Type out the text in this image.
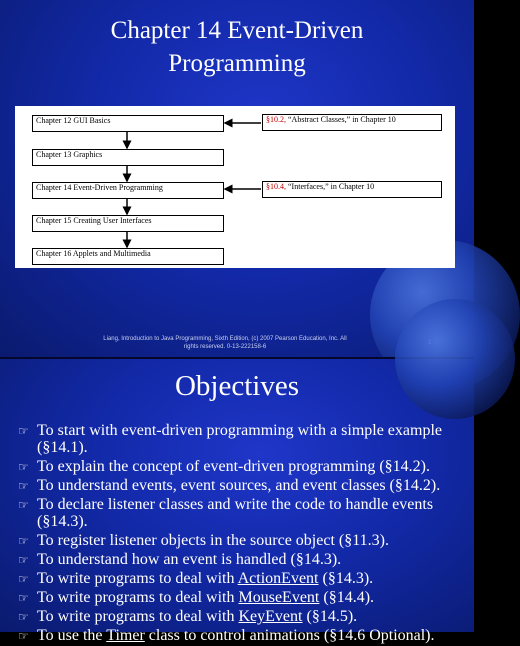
Chapter 14 Event-Driven
Programming
Chapter 12 GUI Basics
Chapter 13 Graphics
Chapter 14 Event-Driven Programming
Chapter 15 Creating User Interfaces
Chapter 16 Applets and Multimedia
§10.2, “Abstract Classes,” in Chapter 10
§10.4, “Interfaces,” in Chapter 10
Liang, Introduction to Java Programming, Sixth Edition, (c) 2007 Pearson Education, Inc. All
rights reserved. 0-13-222158-6
Objectives
☞ To start with event-driven programming with a simple example (§14.1).
☞ To explain the concept of event-driven programming (§14.2).
☞ To understand events, event sources, and event classes (§14.2).
☞ To declare listener classes and write the code to handle events (§14.3).
☞ To register listener objects in the source object (§11.3).
☞ To understand how an event is handled (§14.3).
☞ To write programs to deal with ActionEvent (§14.3).
☞ To write programs to deal with MouseEvent (§14.4).
☞ To write programs to deal with KeyEvent (§14.5).
☞ To use the Timer class to control animations (§14.6 Optional).
